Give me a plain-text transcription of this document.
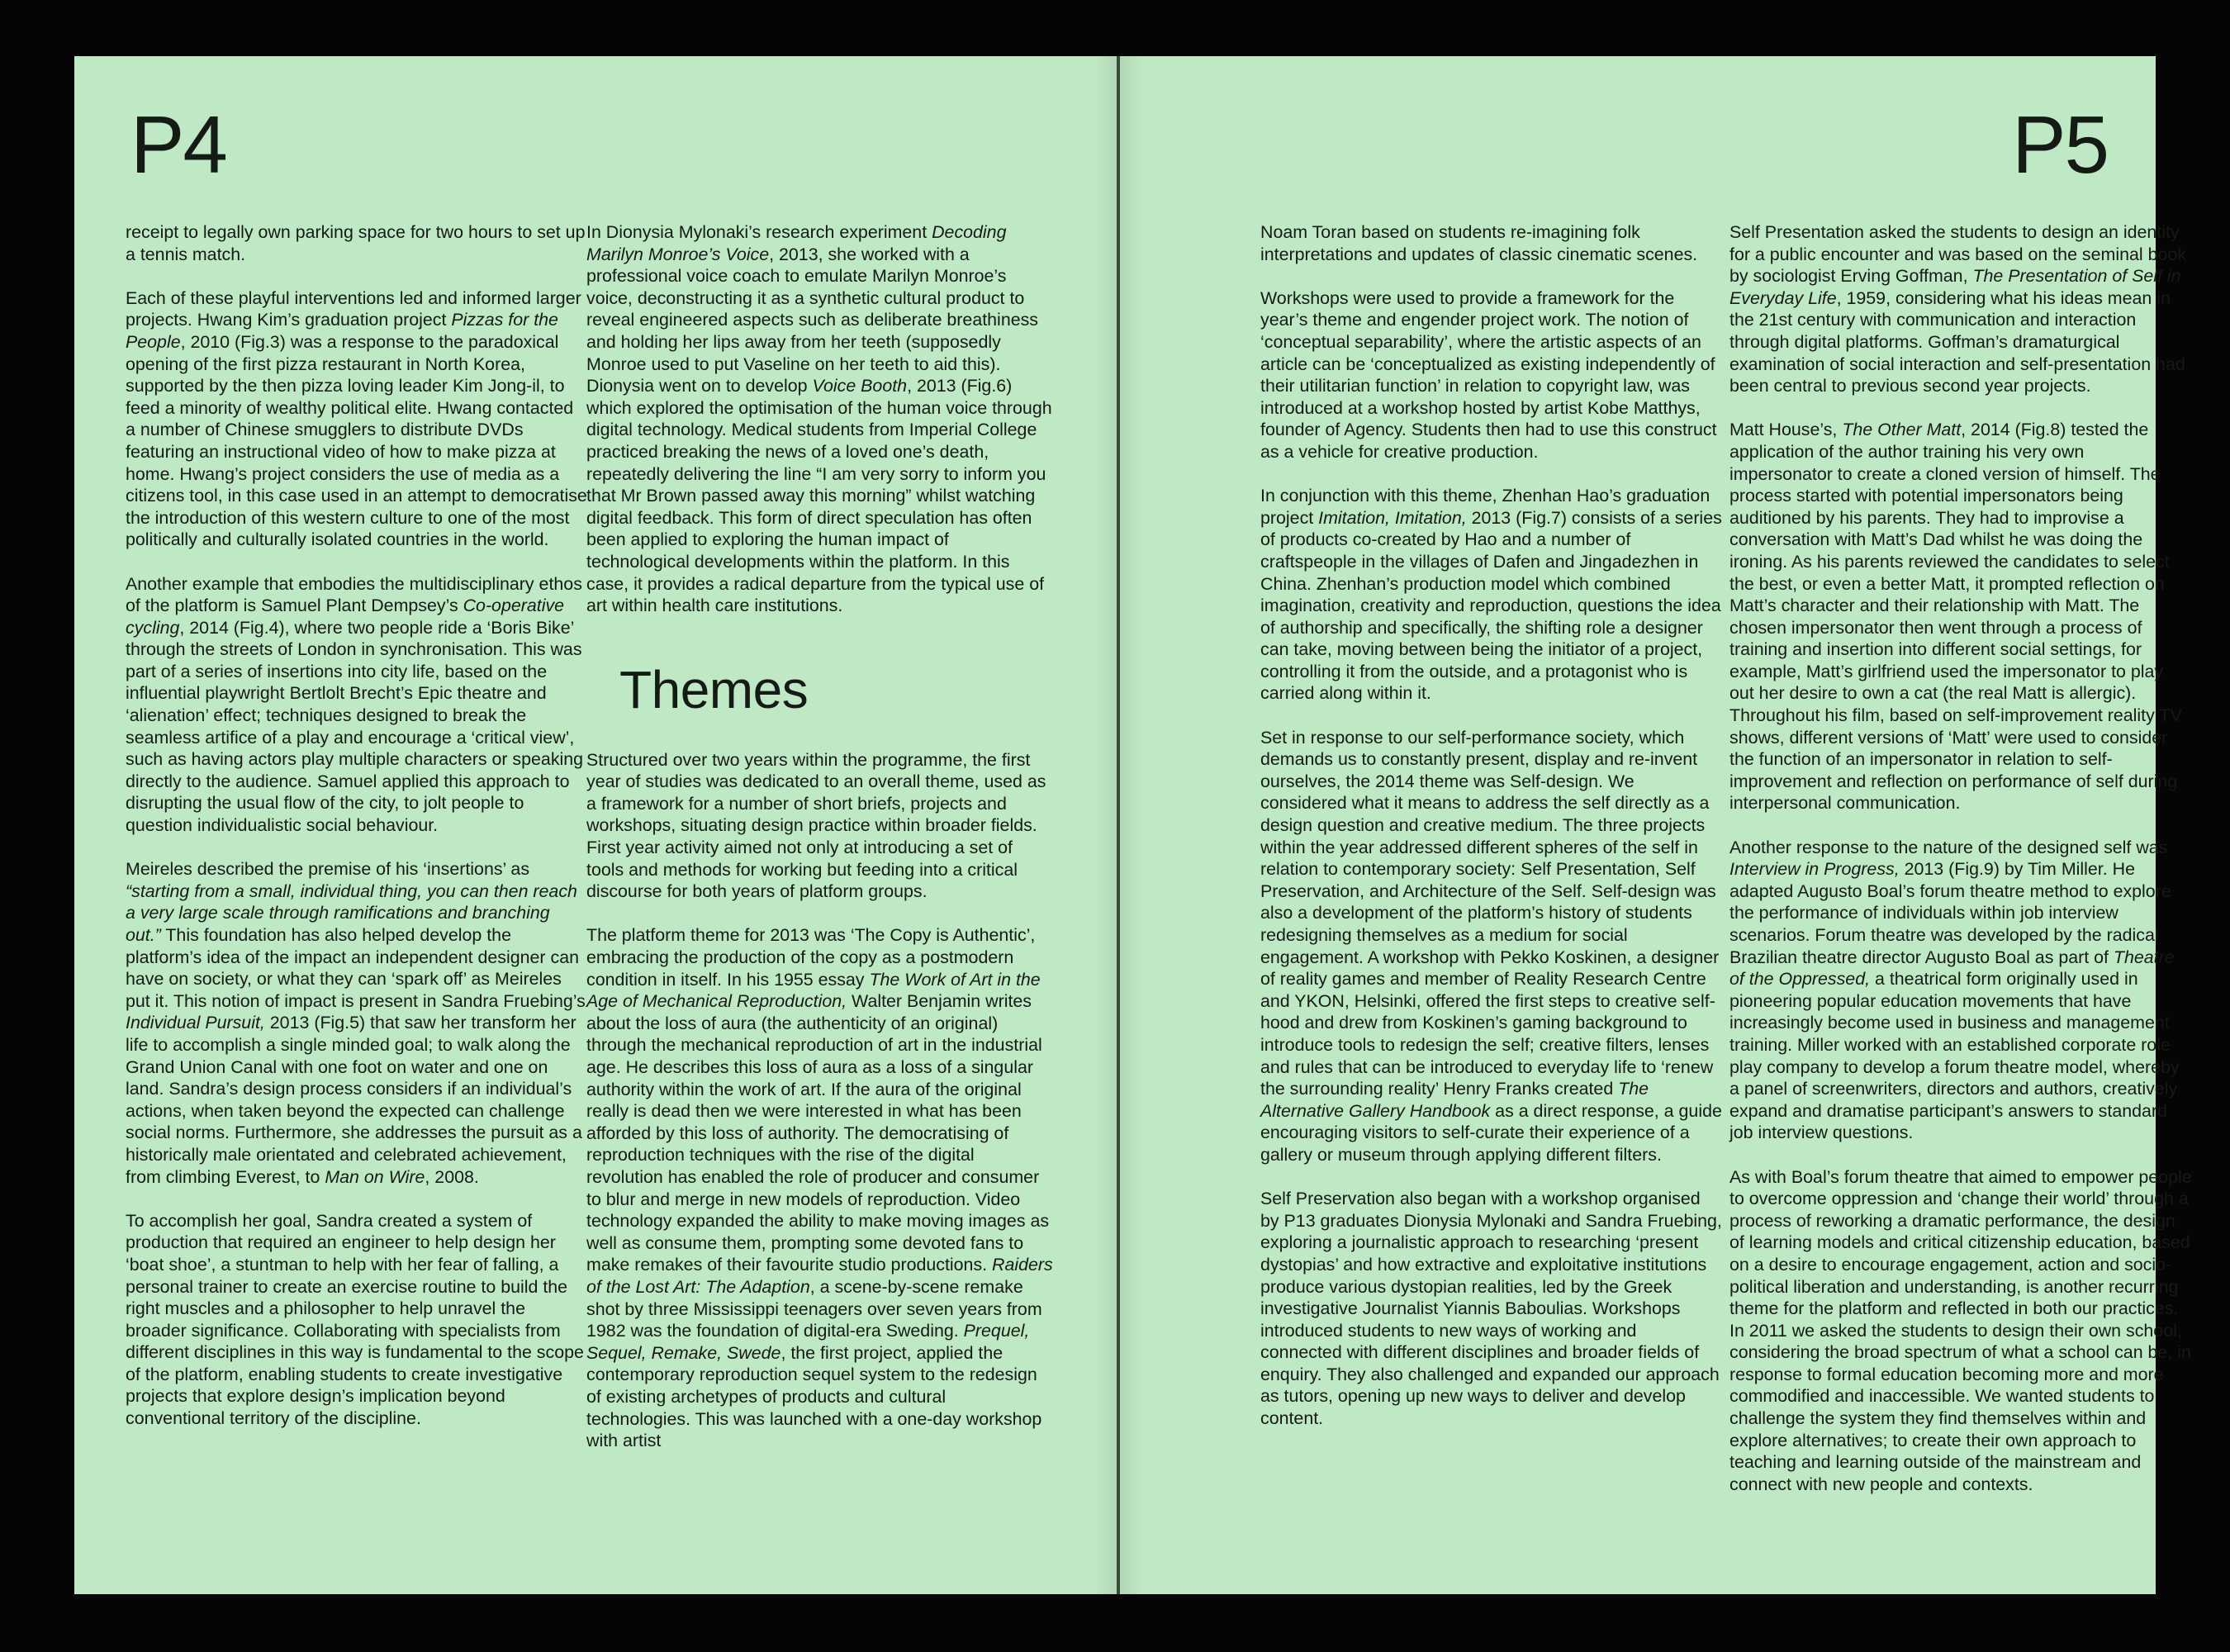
P4

receipt to legally own parking space for two hours to set up a tennis match.

Each of these playful interventions led and informed larger projects. Hwang Kim’s graduation project Pizzas for the People, 2010 (Fig.3) was a response to the paradoxical opening of the first pizza restaurant in North Korea, supported by the then pizza loving leader Kim Jong-il, to feed a minority of wealthy political elite. Hwang contacted a number of Chinese smugglers to distribute DVDs featuring an instructional video of how to make pizza at home. Hwang’s project considers the use of media as a citizens tool, in this case used in an attempt to democratise the introduction of this western culture to one of the most politically and culturally isolated countries in the world.

Another example that embodies the multidisciplinary ethos of the platform is Samuel Plant Dempsey’s Co-operative cycling, 2014 (Fig.4), where two people ride a ‘Boris Bike’ through the streets of London in synchronisation. This was part of a series of insertions into city life, based on the influential playwright Bertlolt Brecht’s Epic theatre and ‘alienation’ effect; techniques designed to break the seamless artifice of a play and encourage a ‘critical view’, such as having actors play multiple characters or speaking directly to the audience. Samuel applied this approach to disrupting the usual flow of the city, to jolt people to question individualistic social behaviour.

Meireles described the premise of his ‘insertions’ as “starting from a small, individual thing, you can then reach a very large scale through ramifications and branching out.” This foundation has also helped develop the platform’s idea of the impact an independent designer can have on society, or what they can ‘spark off’ as Meireles put it. This notion of impact is present in Sandra Fruebing’s Individual Pursuit, 2013 (Fig.5) that saw her transform her life to accomplish a single minded goal; to walk along the Grand Union Canal with one foot on water and one on land. Sandra’s design process considers if an individual’s actions, when taken beyond the expected can challenge social norms. Furthermore, she addresses the pursuit as a historically male orientated and celebrated achievement, from climbing Everest, to Man on Wire, 2008.

To accomplish her goal, Sandra created a system of production that required an engineer to help design her ‘boat shoe’, a stuntman to help with her fear of falling, a personal trainer to create an exercise routine to build the right muscles and a philosopher to help unravel the broader significance. Collaborating with specialists from different disciplines in this way is fundamental to the scope of the platform, enabling students to create investigative projects that explore design’s implication beyond conventional territory of the discipline.

In Dionysia Mylonaki’s research experiment Decoding Marilyn Monroe’s Voice, 2013, she worked with a professional voice coach to emulate Marilyn Monroe’s voice, deconstructing it as a synthetic cultural product to reveal engineered aspects such as deliberate breathiness and holding her lips away from her teeth (supposedly Monroe used to put Vaseline on her teeth to aid this). Dionysia went on to develop Voice Booth, 2013 (Fig.6) which explored the optimisation of the human voice through digital technology. Medical students from Imperial College practiced breaking the news of a loved one’s death, repeatedly delivering the line “I am very sorry to inform you that Mr Brown passed away this morning” whilst watching digital feedback. This form of direct speculation has often been applied to exploring the human impact of technological developments within the platform. In this case, it provides a radical departure from the typical use of art within health care institutions.

Themes

Structured over two years within the programme, the first year of studies was dedicated to an overall theme, used as a framework for a number of short briefs, projects and workshops, situating design practice within broader fields. First year activity aimed not only at introducing a set of tools and methods for working but feeding into a critical discourse for both years of platform groups.

The platform theme for 2013 was ‘The Copy is Authentic’, embracing the production of the copy as a postmodern condition in itself. In his 1955 essay The Work of Art in the Age of Mechanical Reproduction, Walter Benjamin writes about the loss of aura (the authenticity of an original) through the mechanical reproduction of art in the industrial age. He describes this loss of aura as a loss of a singular authority within the work of art. If the aura of the original really is dead then we were interested in what has been afforded by this loss of authority. The democratising of reproduction techniques with the rise of the digital revolution has enabled the role of producer and consumer to blur and merge in new models of reproduction. Video technology expanded the ability to make moving images as well as consume them, prompting some devoted fans to make remakes of their favourite studio productions. Raiders of the Lost Art: The Adaption, a scene-by-scene remake shot by three Mississippi teenagers over seven years from 1982 was the foundation of digital-era Sweding. Prequel, Sequel, Remake, Swede, the first project, applied the contemporary reproduction sequel system to the redesign of existing archetypes of products and cultural technologies. This was launched with a one-day workshop with artist

P5

Noam Toran based on students re-imagining folk interpretations and updates of classic cinematic scenes.

Workshops were used to provide a framework for the year’s theme and engender project work. The notion of ‘conceptual separability’, where the artistic aspects of an article can be ‘conceptualized as existing independently of their utilitarian function’ in relation to copyright law, was introduced at a workshop hosted by artist Kobe Matthys, founder of Agency. Students then had to use this construct as a vehicle for creative production.

In conjunction with this theme, Zhenhan Hao’s graduation project Imitation, Imitation, 2013 (Fig.7) consists of a series of products co-created by Hao and a number of craftspeople in the villages of Dafen and Jingadezhen in China. Zhenhan’s production model which combined imagination, creativity and reproduction, questions the idea of authorship and specifically, the shifting role a designer can take, moving between being the initiator of a project, controlling it from the outside, and a protagonist who is carried along within it.

Set in response to our self-performance society, which demands us to constantly present, display and re-invent ourselves, the 2014 theme was Self-design. We considered what it means to address the self directly as a design question and creative medium. The three projects within the year addressed different spheres of the self in relation to contemporary society: Self Presentation, Self Preservation, and Architecture of the Self. Self-design was also a development of the platform’s history of students redesigning themselves as a medium for social engagement. A workshop with Pekko Koskinen, a designer of reality games and member of Reality Research Centre and YKON, Helsinki, offered the first steps to creative self-hood and drew from Koskinen’s gaming background to introduce tools to redesign the self; creative filters, lenses and rules that can be introduced to everyday life to ‘renew the surrounding reality’ Henry Franks created The Alternative Gallery Handbook as a direct response, a guide encouraging visitors to self-curate their experience of a gallery or museum through applying different filters.

Self Preservation also began with a workshop organised by P13 graduates Dionysia Mylonaki and Sandra Fruebing, exploring a journalistic approach to researching ‘present dystopias’ and how extractive and exploitative institutions produce various dystopian realities, led by the Greek investigative Journalist Yiannis Baboulias. Workshops introduced students to new ways of working and connected with different disciplines and broader fields of enquiry. They also challenged and expanded our approach as tutors, opening up new ways to deliver and develop content.

Self Presentation asked the students to design an identity for a public encounter and was based on the seminal book by sociologist Erving Goffman, The Presentation of Self in Everyday Life, 1959, considering what his ideas mean in the 21st century with communication and interaction through digital platforms. Goffman’s dramaturgical examination of social interaction and self-presentation had been central to previous second year projects.

Matt House’s, The Other Matt, 2014 (Fig.8) tested the application of the author training his very own impersonator to create a cloned version of himself. The process started with potential impersonators being auditioned by his parents. They had to improvise a conversation with Matt’s Dad whilst he was doing the ironing. As his parents reviewed the candidates to select the best, or even a better Matt, it prompted reflection on Matt’s character and their relationship with Matt. The chosen impersonator then went through a process of training and insertion into different social settings, for example, Matt’s girlfriend used the impersonator to play out her desire to own a cat (the real Matt is allergic). Throughout his film, based on self-improvement reality TV shows, different versions of ‘Matt’ were used to consider the function of an impersonator in relation to self-improvement and reflection on performance of self during interpersonal communication.

Another response to the nature of the designed self was Interview in Progress, 2013 (Fig.9) by Tim Miller. He adapted Augusto Boal’s forum theatre method to explore the performance of individuals within job interview scenarios. Forum theatre was developed by the radical Brazilian theatre director Augusto Boal as part of Theatre of the Oppressed, a theatrical form originally used in pioneering popular education movements that have increasingly become used in business and management training. Miller worked with an established corporate role play company to develop a forum theatre model, whereby a panel of screenwriters, directors and authors, creatively expand and dramatise participant’s answers to standard job interview questions.

As with Boal’s forum theatre that aimed to empower people to overcome oppression and ‘change their world’ through a process of reworking a dramatic performance, the design of learning models and critical citizenship education, based on a desire to encourage engagement, action and socio-political liberation and understanding, is another recurring theme for the platform and reflected in both our practices. In 2011 we asked the students to design their own school, considering the broad spectrum of what a school can be, in response to formal education becoming more and more commodified and inaccessible. We wanted students to challenge the system they find themselves within and explore alternatives; to create their own approach to teaching and learning outside of the mainstream and connect with new people and contexts.
